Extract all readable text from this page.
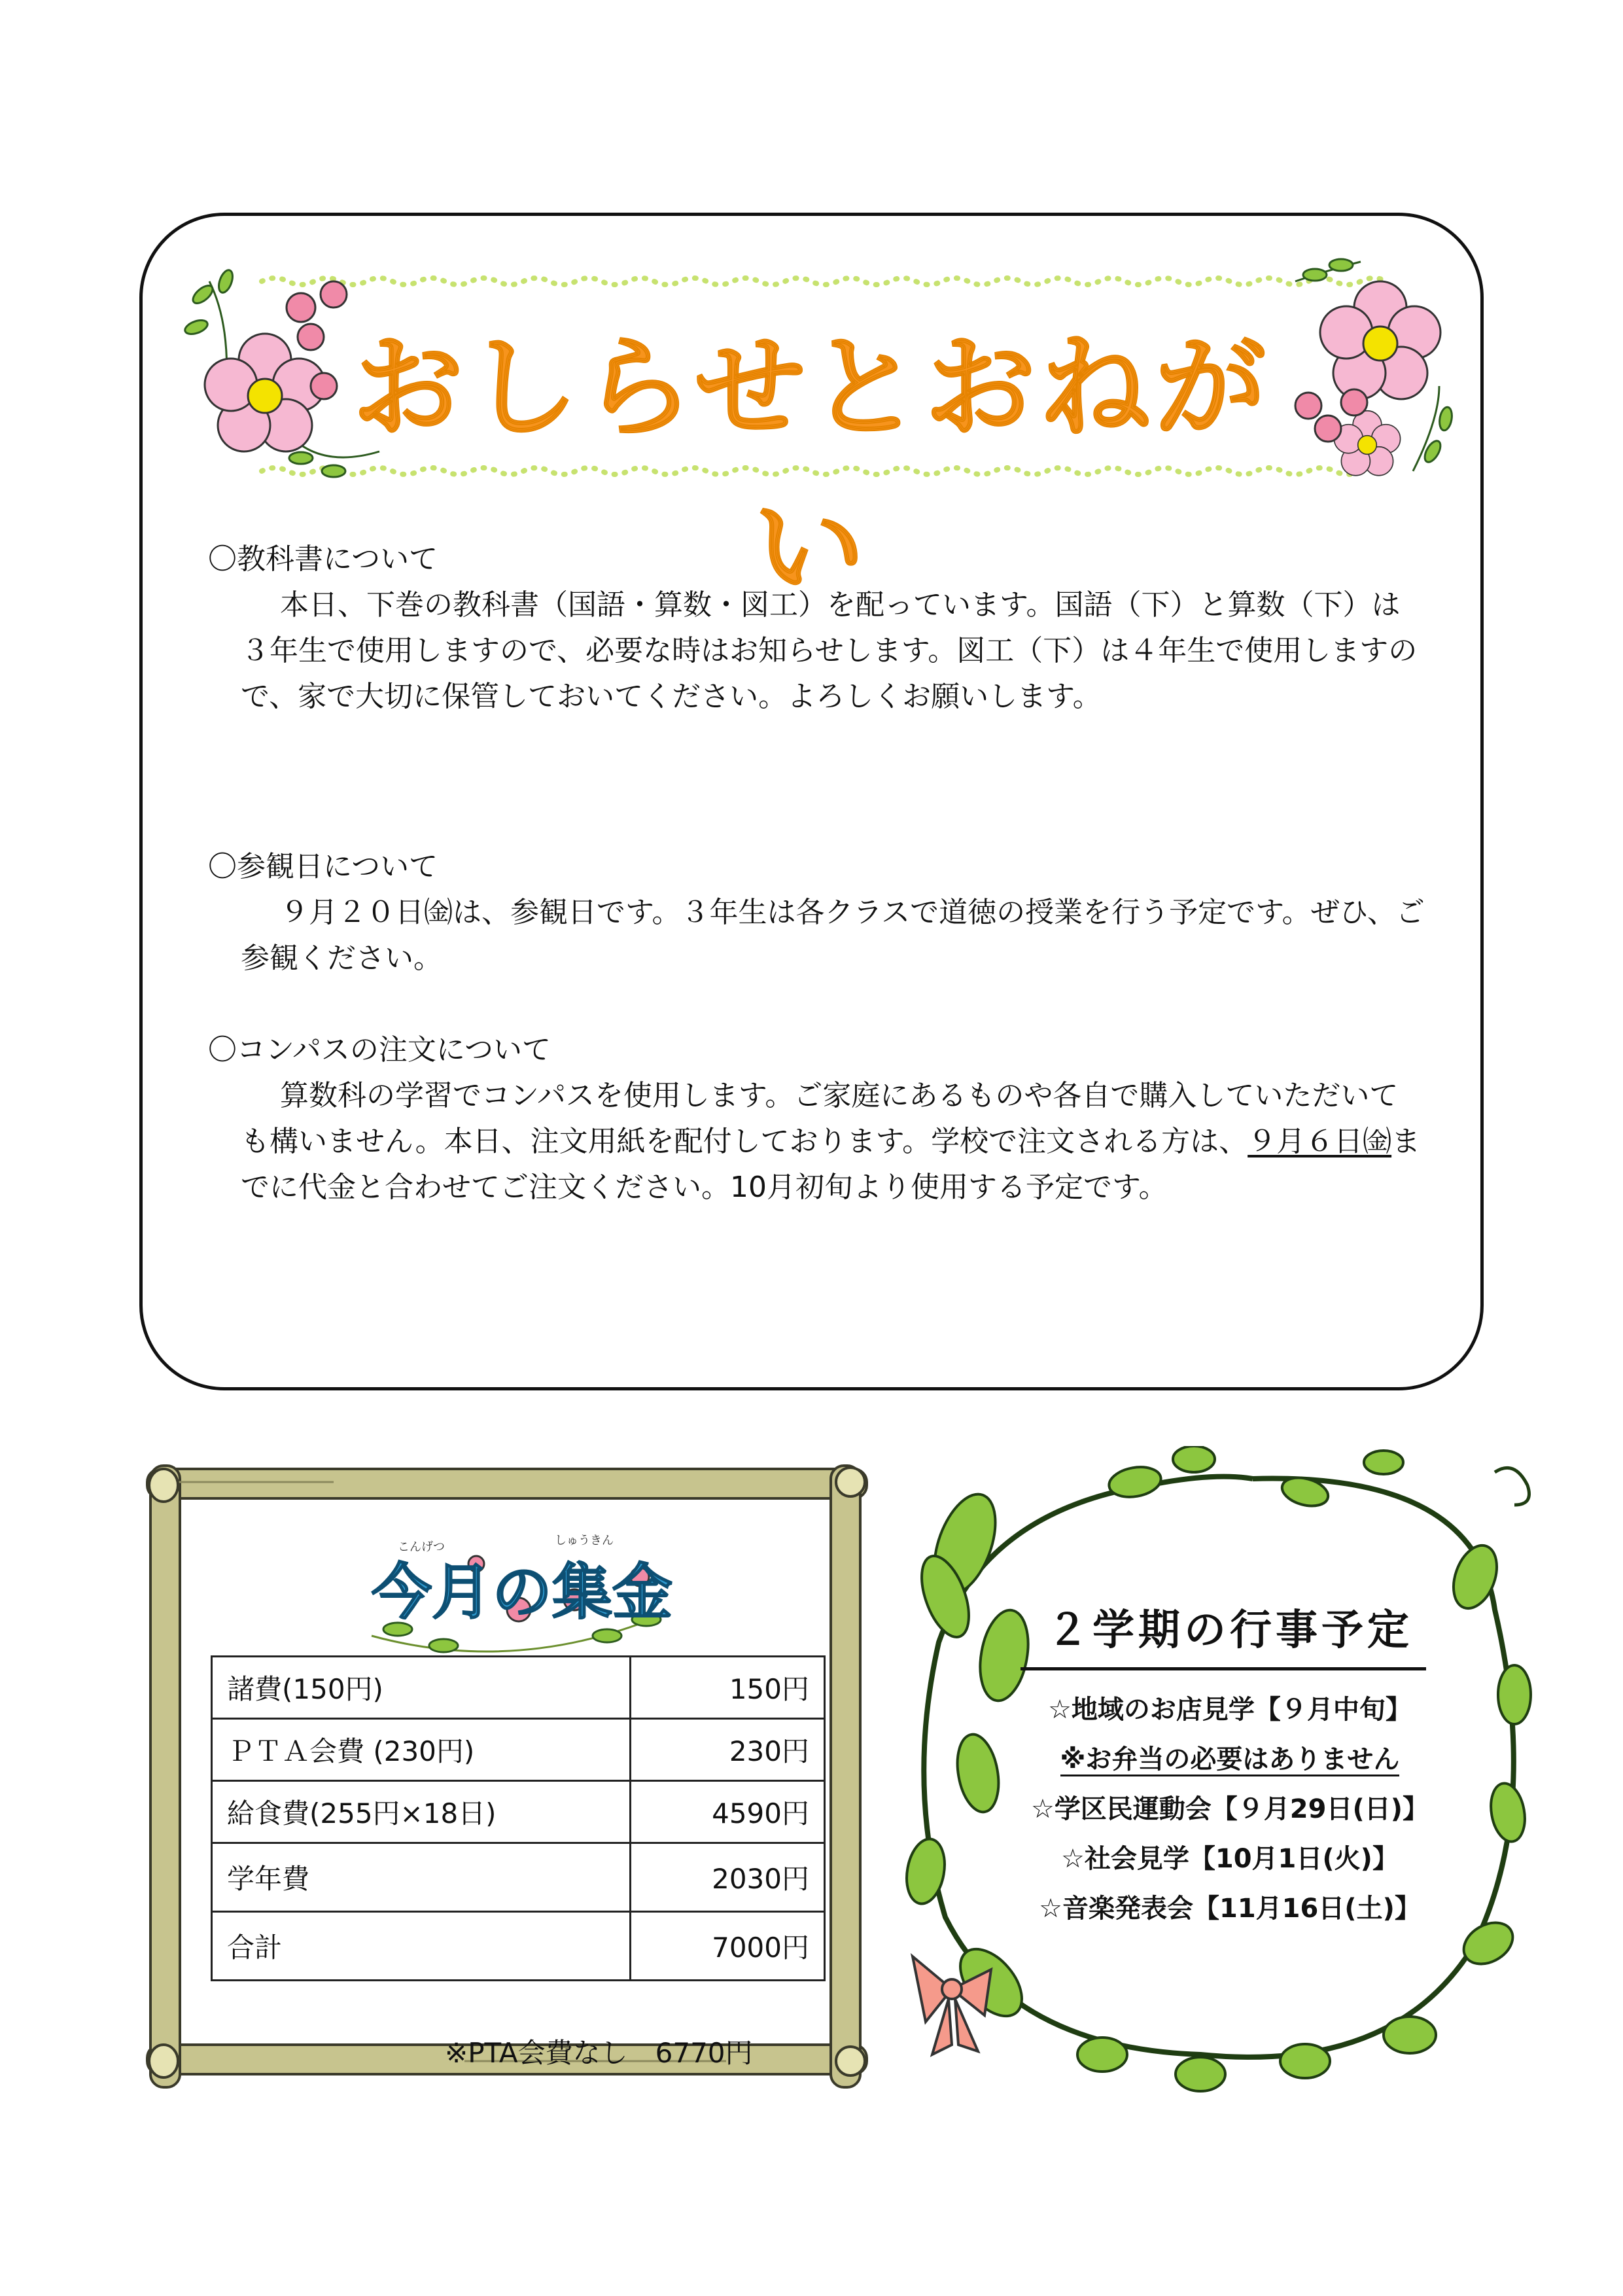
おしらせとおねがい

〇教科書について

本日、下巻の教科書（国語・算数・図工）を配っています。国語（下）と算数（下）は３年生で使用しますので、必要な時はお知らせします。図工（下）は４年生で使用しますので、家で大切に保管しておいてください。よろしくお願いします。

〇参観日について

９月２０日㈮は、参観日です。３年生は各クラスで道徳の授業を行う予定です。ぜひ、ご参観ください。

〇コンパスの注文について

算数科の学習でコンパスを使用します。ご家庭にあるものや各自で購入していただいても構いません。本日、注文用紙を配付しております。学校で注文される方は、９月６日㈮までに代金と合わせてご注文ください。10月初旬より使用する予定です。

こんげつ	しゅうきん
今月の集金
諸費(150円)	150円
ＰＴＡ会費 (230円)	230円
給食費(255円×18日)	4590円
学年費	2030円
合計	7000円
※PTA会費なし　6770円
２学期の行事予定
☆地域のお店見学【９月中旬】
※お弁当の必要はありません
☆学区民運動会【９月29日(日)】
☆社会見学【10月1日(火)】
☆音楽発表会【11月16日(土)】
